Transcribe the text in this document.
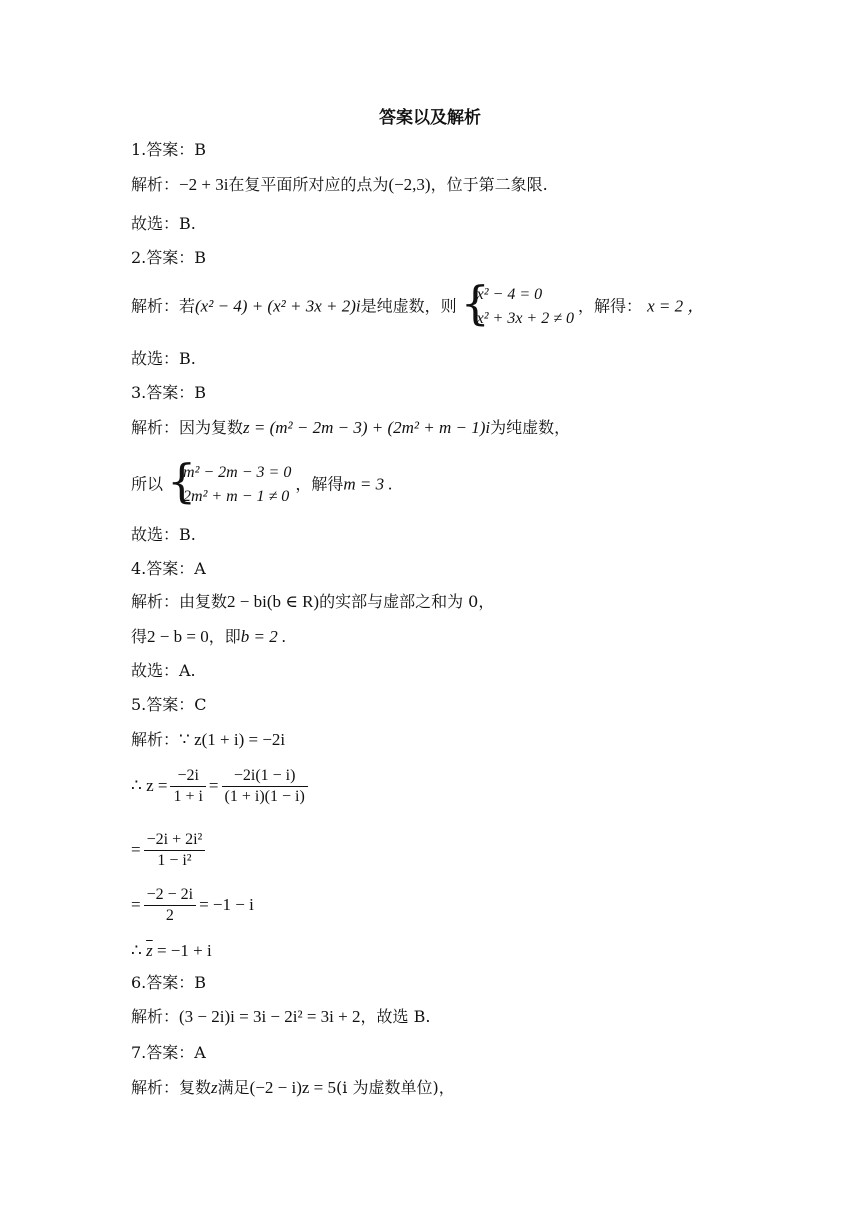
答案以及解析
1.答案：B
解析：−2 + 3i在复平面所对应的点为(−2,3)，位于第二象限.
故选：B.
2.答案：B
解析：若(x² − 4) + (x² + 3x + 2)i是纯虚数，则 {
x² − 4 = 0
x² + 3x + 2 ≠ 0
，解得： x = 2 ，
故选：B.
3.答案：B
解析：因为复数z = (m² − 2m − 3) + (2m² + m − 1)i为纯虚数，
所以 {
m² − 2m − 3 = 0
2m² + m − 1 ≠ 0
，解得m = 3 .
故选：B.
4.答案：A
解析：由复数2 − bi(b ∈ R)的实部与虚部之和为 0，
得2 − b = 0，即b = 2 .
故选：A.
5.答案：C
解析：∵ z(1 + i) = −2i
∴ $z = \frac{-2i}{1 + i} = \frac{-2i(1 - i)}{(1 + i)(1 - i)}$
= $\frac{\text{−2i + 2i²}}{\text{1 − i²}}$
= $\frac{-2 - 2i}{2} = -1 - i$
∴ $\overline{z} = -1 + i$
6.答案：B
解析：(3 − 2i)i = 3i − 2i² = 3i + 2，故选 B.
7.答案：A
解析：复数z满足(−2 − i)z = 5(i 为虚数单位)，
